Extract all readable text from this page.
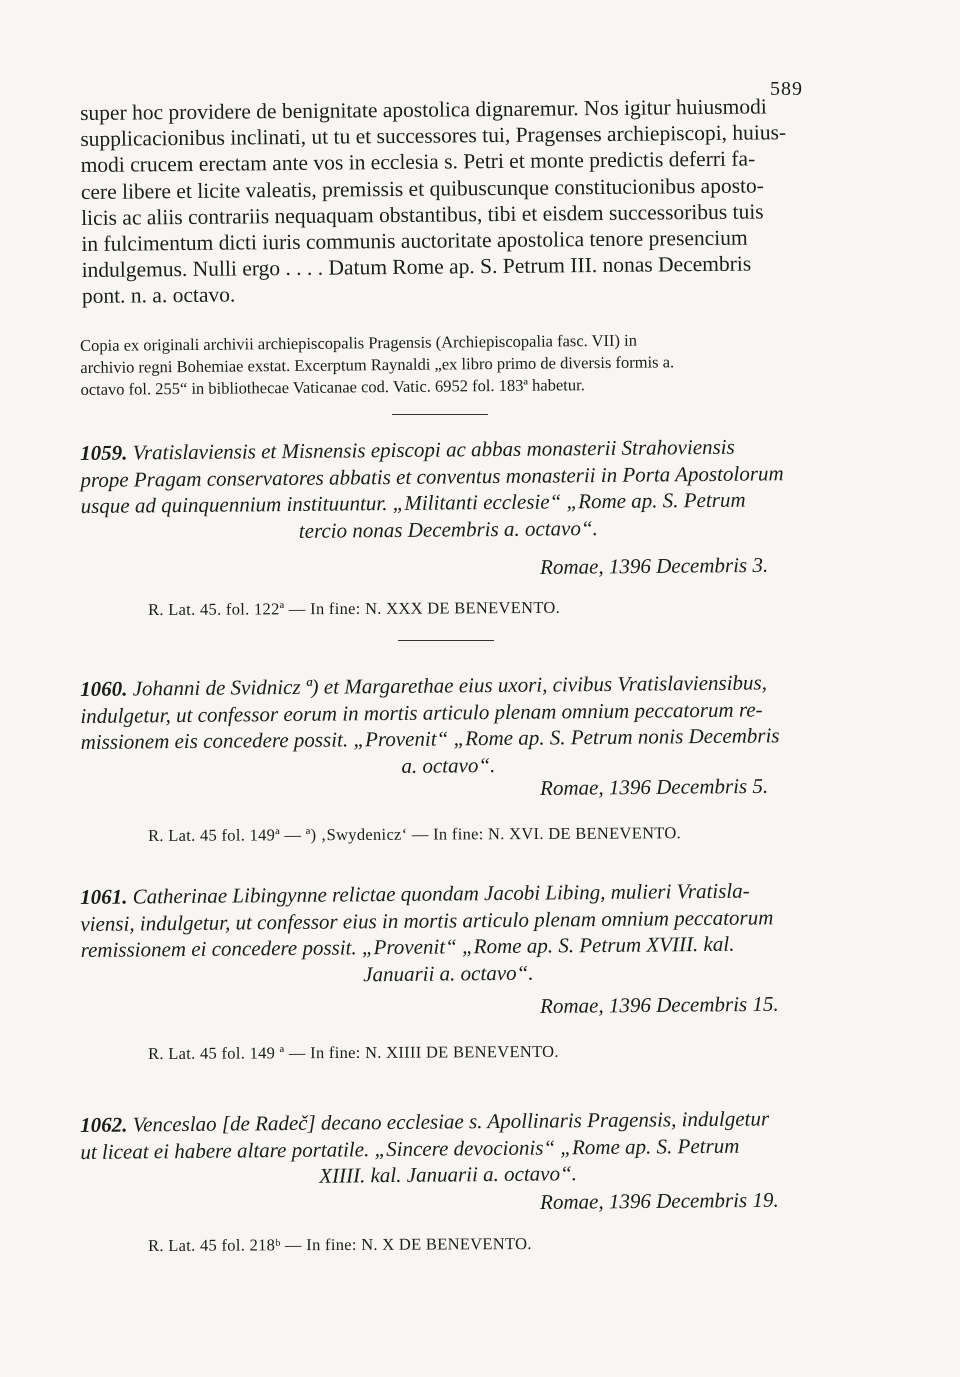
589
super hoc providere de benignitate apostolica dignaremur. Nos igitur huiusmodi
supplicacionibus inclinati, ut tu et successores tui, Pragenses archiepiscopi, huius-
modi crucem erectam ante vos in ecclesia s. Petri et monte predictis deferri fa-
cere libere et licite valeatis, premissis et quibuscunque constitucionibus aposto-
licis ac aliis contrariis nequaquam obstantibus, tibi et eisdem successoribus tuis
in fulcimentum dicti iuris communis auctoritate apostolica tenore presencium
indulgemus. Nulli ergo . . . . Datum Rome ap. S. Petrum III. nonas Decembris
pont. n. a. octavo.
Copia ex originali archivii archiepiscopalis Pragensis (Archiepiscopalia fasc. VII) in
archivio regni Bohemiae exstat. Excerptum Raynaldi „ex libro primo de diversis formis a.
octavo fol. 255“ in bibliothecae Vaticanae cod. Vatic. 6952 fol. 183ª habetur.
1059. Vratislaviensis et Misnensis episcopi ac abbas monasterii Strahoviensis
prope Pragam conservatores abbatis et conventus monasterii in Porta Apostolorum
usque ad quinquennium instituuntur. „Militanti ecclesie“ „Rome ap. S. Petrum
tercio nonas Decembris a. octavo“.
Romae, 1396 Decembris 3.
R. Lat. 45. fol. 122ª — In fine: N. XXX DE BENEVENTO.
1060. Johanni de Svidnicz ª) et Margarethae eius uxori, civibus Vratislaviensibus,
indulgetur, ut confessor eorum in mortis articulo plenam omnium peccatorum re-
missionem eis concedere possit. „Provenit“ „Rome ap. S. Petrum nonis Decembris
a. octavo“.
Romae, 1396 Decembris 5.
R. Lat. 45 fol. 149ª — ª) ‚Swydenicz‘ — In fine: N. XVI. DE BENEVENTO.
1061. Catherinae Libingynne relictae quondam Jacobi Libing, mulieri Vratisla-
viensi, indulgetur, ut confessor eius in mortis articulo plenam omnium peccatorum
remissionem ei concedere possit. „Provenit“ „Rome ap. S. Petrum XVIII. kal.
Januarii a. octavo“.
Romae, 1396 Decembris 15.
R. Lat. 45 fol. 149 ª — In fine: N. XIIII DE BENEVENTO.
1062. Venceslao [de Radeč] decano ecclesiae s. Apollinaris Pragensis, indulgetur
ut liceat ei habere altare portatile. „Sincere devocionis“ „Rome ap. S. Petrum
XIIII. kal. Januarii a. octavo“.
Romae, 1396 Decembris 19.
R. Lat. 45 fol. 218ᵇ — In fine: N. X DE BENEVENTO.
